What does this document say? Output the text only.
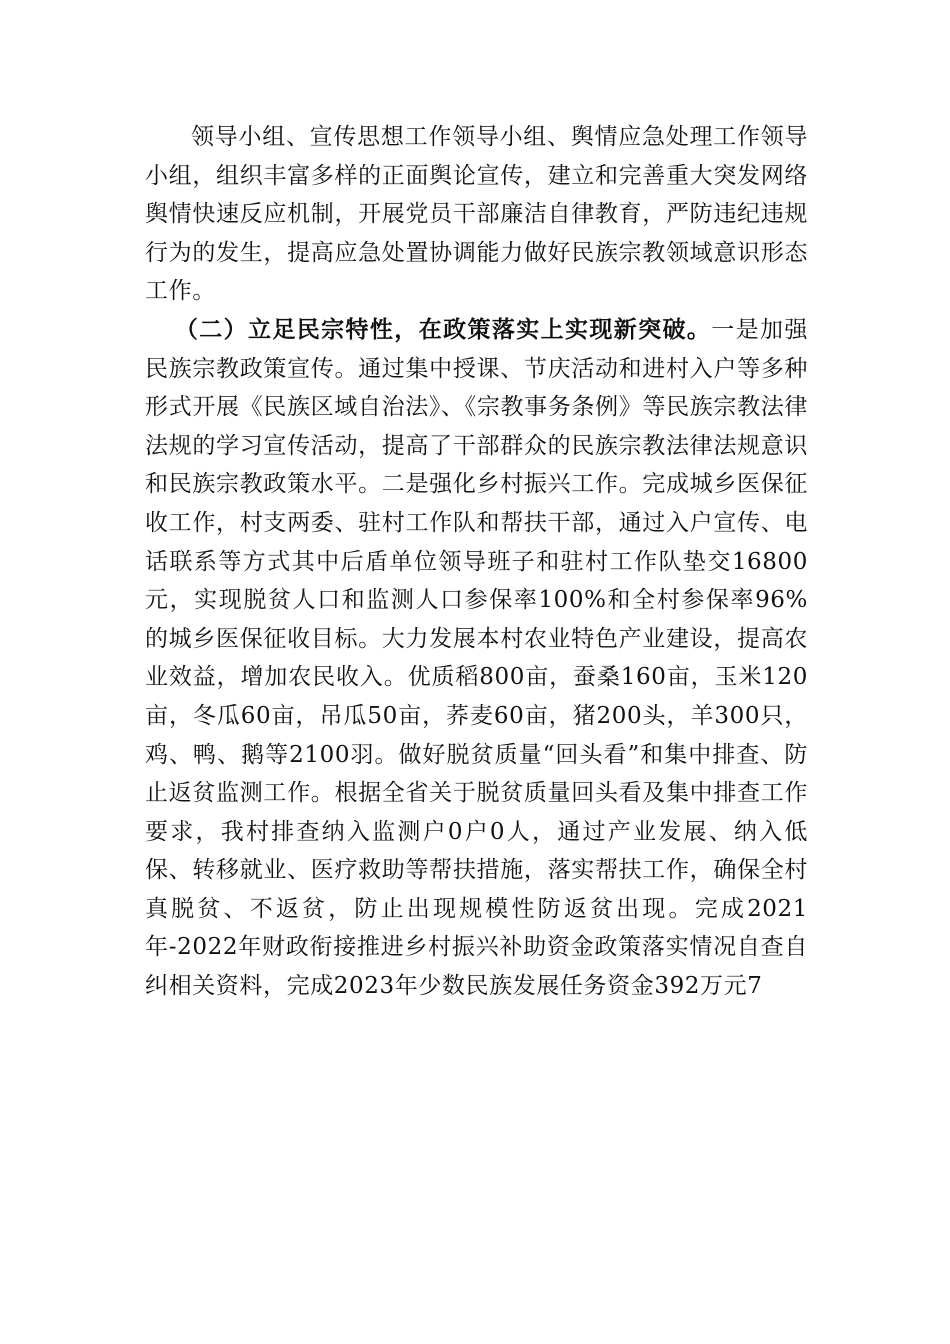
领导小组、宣传思想工作领导小组、舆情应急处理工作领导小组，组织丰富多样的正面舆论宣传，建立和完善重大突发网络舆情快速反应机制，开展党员干部廉洁自律教育，严防违纪违规行为的发生，提高应急处置协调能力做好民族宗教领域意识形态工作。

（二）立足民宗特性，在政策落实上实现新突破。一是加强民族宗教政策宣传。通过集中授课、节庆活动和进村入户等多种形式开展《民族区域自治法》、《宗教事务条例》等民族宗教法律法规的学习宣传活动，提高了干部群众的民族宗教法律法规意识和民族宗教政策水平。二是强化乡村振兴工作。完成城乡医保征收工作，村支两委、驻村工作队和帮扶干部，通过入户宣传、电话联系等方式其中后盾单位领导班子和驻村工作队垫交16800元，实现脱贫人口和监测人口参保率100%和全村参保率96%的城乡医保征收目标。大力发展本村农业特色产业建设，提高农业效益，增加农民收入。优质稻800亩，蚕桑160亩，玉米120亩，冬瓜60亩，吊瓜50亩，荞麦60亩，猪200头，羊300只，鸡、鸭、鹅等2100羽。做好脱贫质量“回头看”和集中排查、防止返贫监测工作。根据全省关于脱贫质量回头看及集中排查工作要求，我村排查纳入监测户0户0人，通过产业发展、纳入低保、转移就业、医疗救助等帮扶措施，落实帮扶工作，确保全村真脱贫、不返贫，防止出现规模性防返贫出现。完成2021年-2022年财政衔接推进乡村振兴补助资金政策落实情况自查自纠相关资料，完成2023年少数民族发展任务资金392万元7
